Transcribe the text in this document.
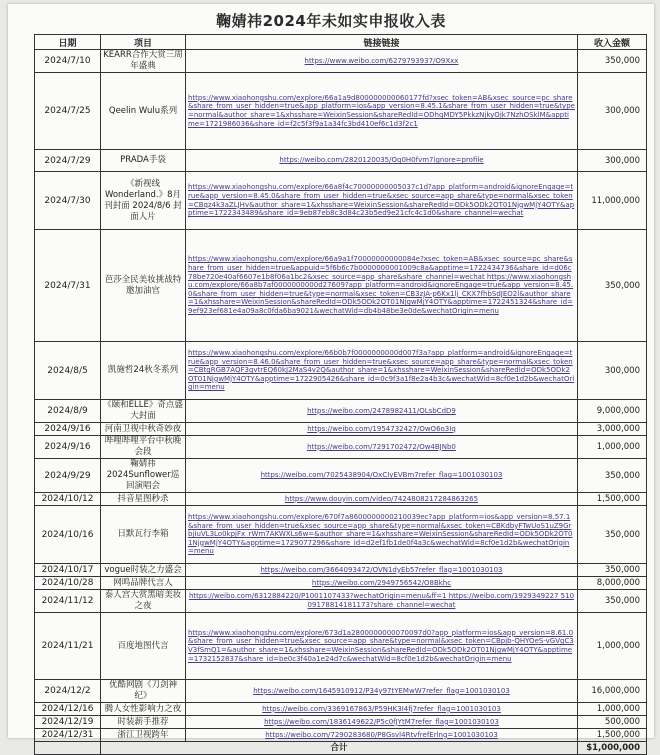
鞠婧祎2024年未如实申报收入表
日期	项目	链接链接	收入金额
2024/7/10	KEARR合作大赏三周年盛典	https://www.weibo.com/6279793937/O9Xxx	350,000
2024/7/25	Qeelin Wulu系列	https://www.xiaohongshu.com/explore/66a1a9d800000000060177fd?xsec_token=AB&xsec_source=pc_share&share_from_user_hidden=true&app_platform=ios&app_version=8.45.1&share_from_user_hidden=true&type=normal&author_share=1&xhsshare=WeixinSession&shareRedId=ODhqMDY5PkkzNjkyOjk7NzhOSklM&apptime=1721986036&share_id=f2c5f3f9a1a34fc3bd410ef6c1d3f2c1	300,000
2024/7/29	PRADA手袋	https://weibo.com/2820120035/Oq0H0fvm7ignore=profile	300,000
2024/7/30	《新视线Wonderland.》8月刊封面 2024/8/6 封面人片	https://www.xiaohongshu.com/explore/66a8f4c70000000005037c1d?app_platform=android&ignoreEngage=true&app_version=8.45.0&share_from_user_hidden=true&xsec_source=app_share&type=normal&xsec_token=CBqz4k3aZLJHv&author_share=1&xhsshare=WeixinSession&shareRedId=ODk5ODk2OT01NjgwMjY4OTY&apptime=1722343489&share_id=9eb87eb8c3d84c23b5ed9e21cfc4c1d0&share_channel=wechat	11,000,000
2024/7/31	芭莎全民美妆挑战特邀加油官	https://www.xiaohongshu.com/explore/66a9a1f70000000000084e?xsec_token=AB&xsec_source=pc_share&share_from_user_hidden=true&appuid=5f6b6c7b0000000001009c8a&apptime=1722434736&share_id=d06c78be720e40af6607e1b8f06a1bc2&xsec_source=app_share&share_channel=wechat https://www.xiaohongshu.com/explore/66a8b7af0000000000d27609?app_platform=android&ignoreEngage=true&app_version=8.45.0&share_from_user_hidden=true&type=normal&xsec_token=CB3zJA-p6Kx1lj_CKX7fhbSdJEO2l&author_share=1&xhsshare=WeixinSession&shareRedId=ODk5ODk2OT01NjgwMjY4OTY&apptime=1722451324&share_id=9ef923ef681e4a09a8c0fda6ba9021&wechatWid=db4b48be3e0de&wechatOrigin=menu	350,000
2024/8/5	凯施哲24秋冬系列	https://www.xiaohongshu.com/explore/66b0b7f0000000000d007f3a?app_platform=android&ignoreEngage=true&app_version=8.46.0&share_from_user_hidden=true&xsec_source=app_share&type=normal&xsec_token=CBtgRGB7AQF3gvtrEQ60kJ2MaS4v2Q&author_share=1&xhsshare=WeixinSession&shareRedId=ODk5ODk2OT01NjgwMjY4OTY&apptime=1722905426&share_id=0c9f3a1f8e2a4b3c&wechatWid=8cf0e1d2b&wechatOrigin=menu	300,000
2024/8/9	《颐和ELLE》奇点盛大封面	https://weibo.com/2478982411/OLsbCdD9	9,000,000
2024/9/16	河南卫视中秋奇妙夜	https://weibo.com/1954732427/OwO6o3Iq	3,000,000
2024/9/16	哔哩哔哩平台中秋晚会段	https://weibo.com/7291702472/Ow4BJNb0	1,000,000
2024/9/29	鞠婧祎2024Sunflower巡回演唱会	https://weibo.com/7025438904/OxCIyEVBm7refer_flag=1001030103	350,000
2024/10/12	抖音星图秒杀	https://www.douyin.com/video/7424808217284863265	1,500,000
2024/10/16	日默瓦行李箱	https://www.xiaohongshu.com/explore/670f7a8600000000210039ec?app_platform=ios&app_version=8.57.1&share_from_user_hidden=true&xsec_source=app_share&type=normal&xsec_token=CBKdbyFTwUoS1uZ9GrbjIuVL3Lo0kpjFx_rWm7AKWXLs6w=&author_share=1&xhsshare=WeixinSession&shareRedId=ODk5ODk2OT01NjgwMjY4OTY&apptime=1729077296&share_id=d2ef1fb1de0f4a3c&wechatWid=8cf0e1d2b&wechatOrigin=menu	350,000
2024/10/17	vogue时装之力盛会	https://weibo.com/3664093472/OVN1dyEb57refer_flag=1001030103	350,000
2024/10/28	网鸣品牌代言人	https://weibo.com/2949756542/O8Bkhc	8,000,000
2024/11/12	泰人宫大赏黑暗美妆之夜	https://weibo.com/6312884220/P1001107433?wechatOrigin=menu&ff=1 https://weibo.com/1929349227 51009178814181173?share_channel=wechat	350,000
2024/11/21	百度地图代言	https://www.xiaohongshu.com/explore/673d1a2800000000070097d0?app_platform=ios&app_version=8.61.0&share_from_user_hidden=true&xsec_source=app_share&type=normal&xsec_token=CBpjb-QHYOeS-vGVgC3V3fSmQ1=&author_share=1&xhsshare=WeixinSession&shareRedId=ODk5ODk2OT01NjgwMjY4OTY&apptime=1732152837&share_id=be0c3f40a1e24d7c&wechatWid=8cf0e1d2b&wechatOrigin=menu	1,000,000
2024/12/2	优酷网剧《刀剑神纪》	https://weibo.com/1645910912/P34y97tYEMwW7refer_flag=1001030103	16,000,000
2024/12/16	腾人女性影响力之夜	https://weibo.com/3369167863/P59HK3I4fj7refer_flag=1001030103	1,000,000
2024/12/19	时装薪手推荐	https://weibo.com/1836149622/P5c0fJYtM7refer_flag=1001030103	500,000
2024/12/31	浙江卫视跨年	https://weibo.com/7290283680/P8Gsvl4RtvfrefErlng=1001030103	1,500,000
	合计		$1,000,000
